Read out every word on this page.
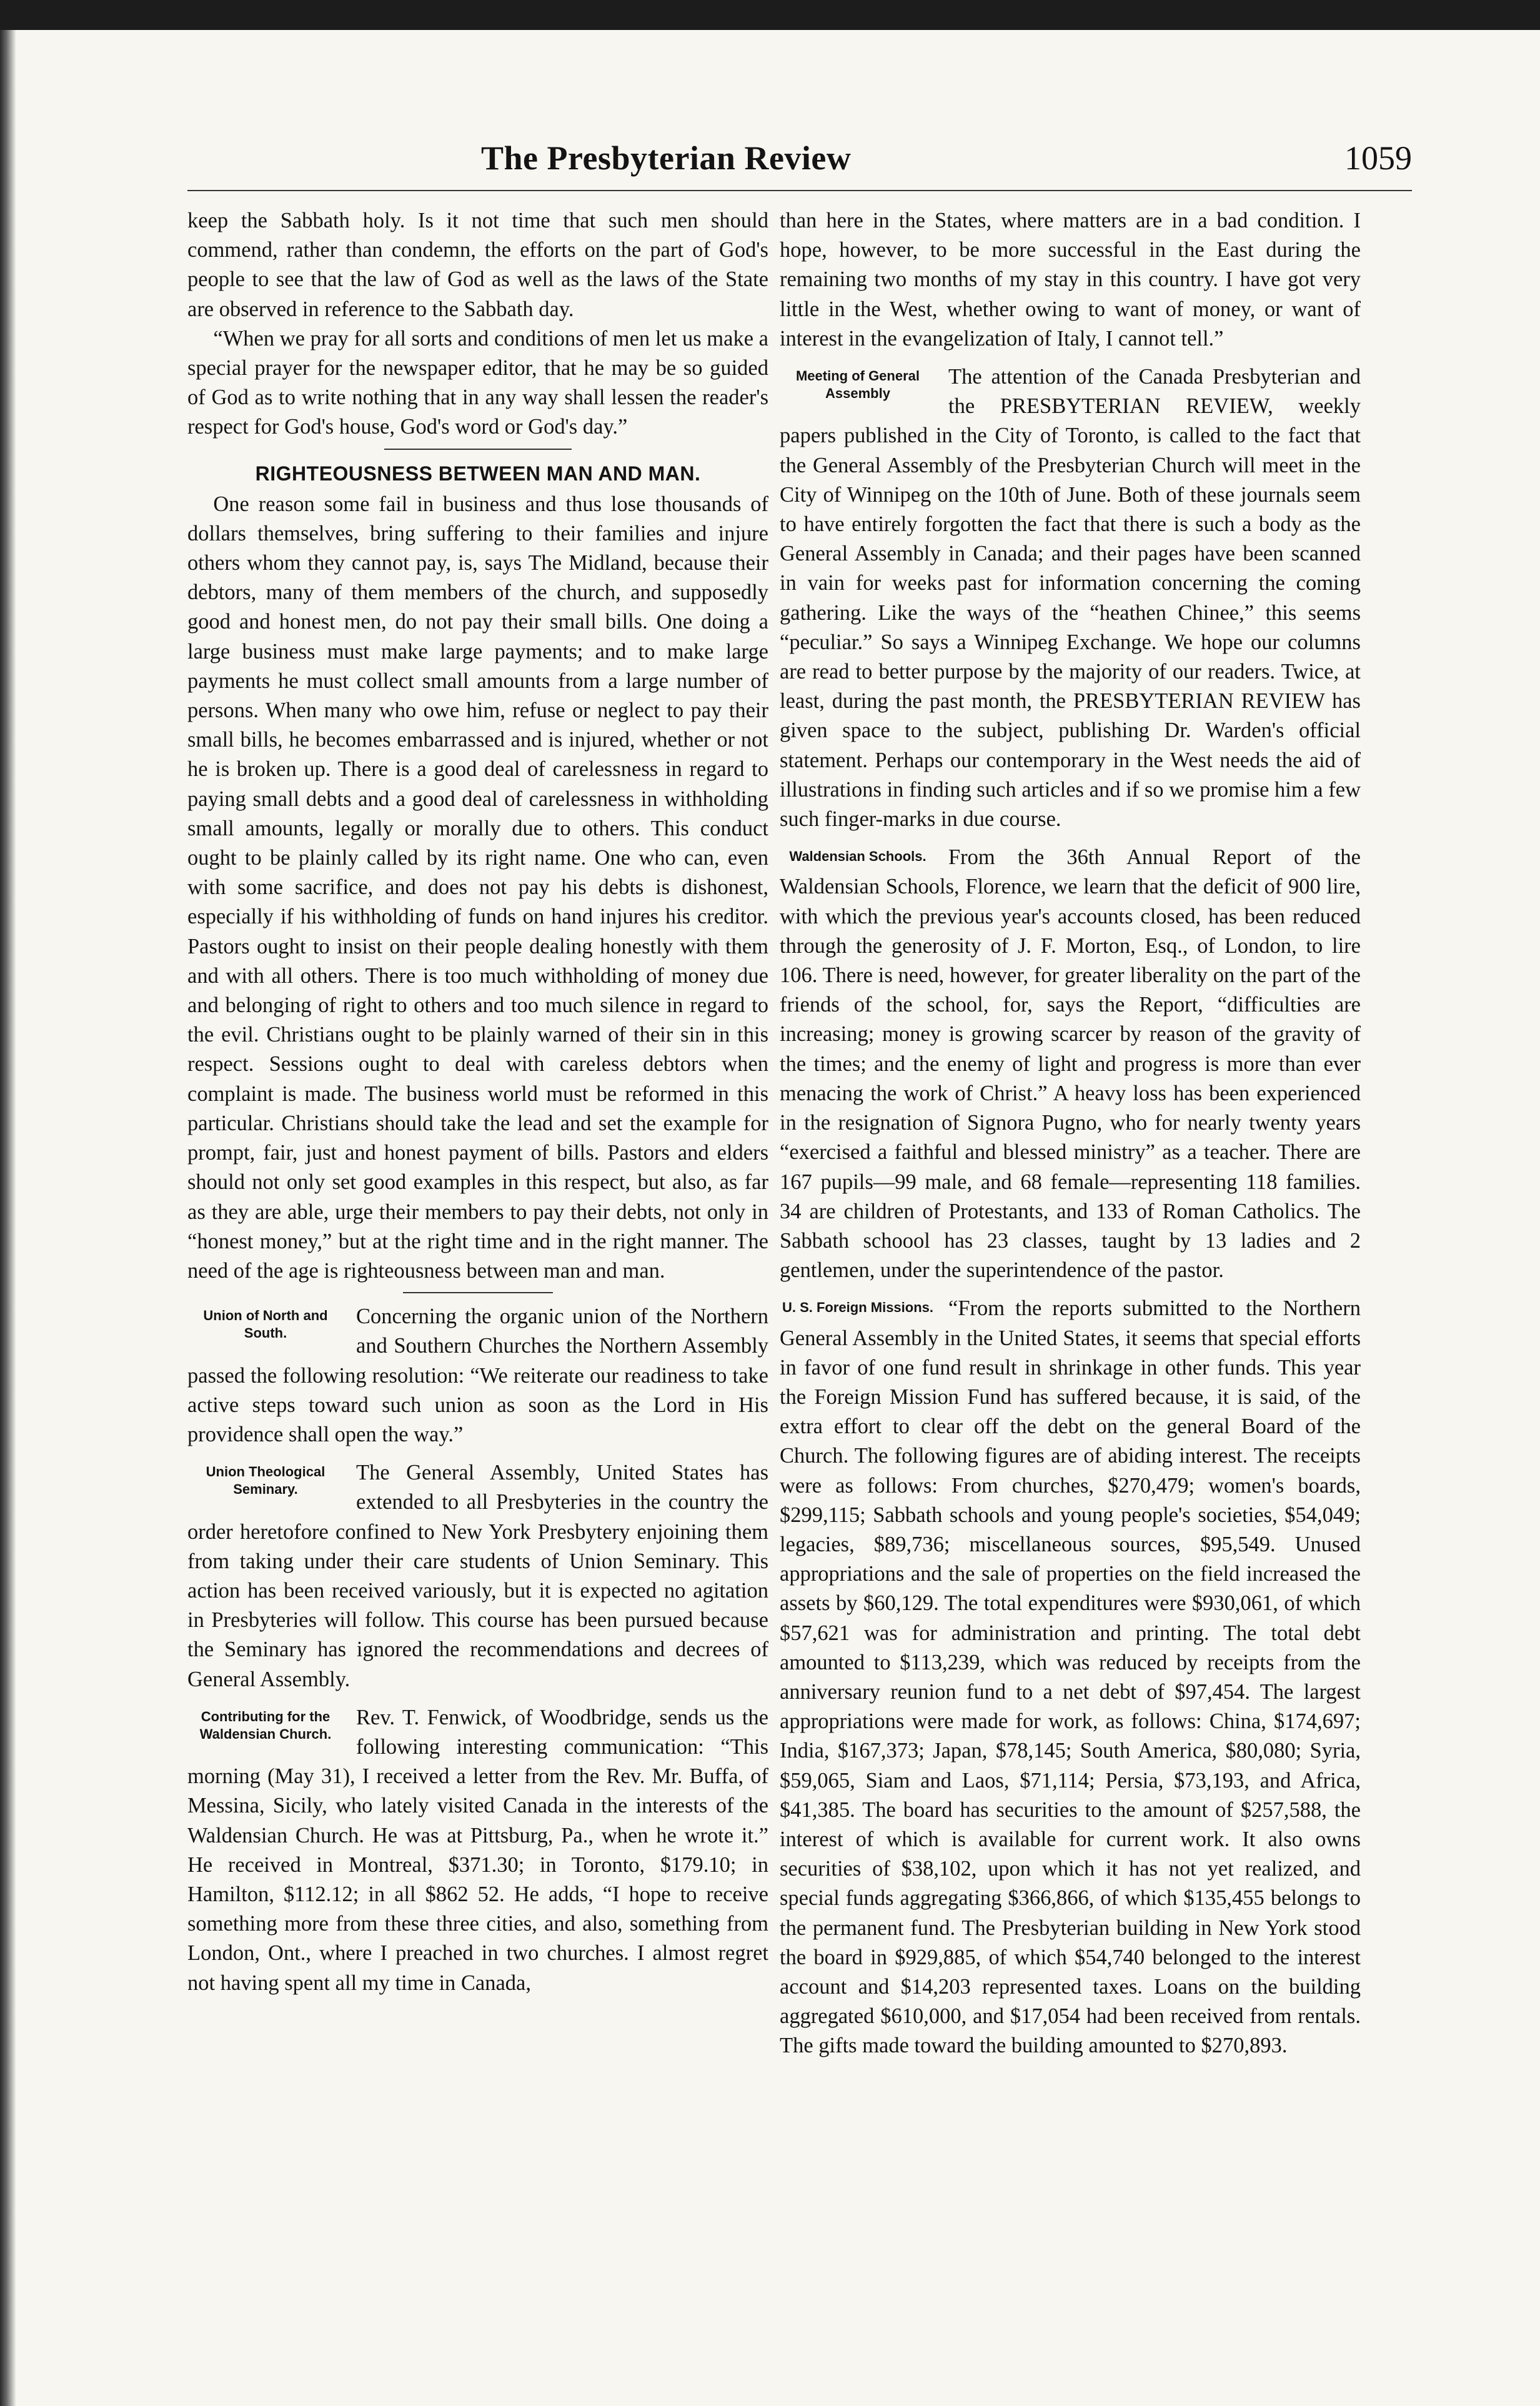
The Presbyterian Review	1059

keep the Sabbath holy. Is it not time that such men should commend, rather than condemn, the efforts on the part of God's people to see that the law of God as well as the laws of the State are observed in reference to the Sabbath day.

“When we pray for all sorts and conditions of men let us make a special prayer for the newspaper editor, that he may be so guided of God as to write nothing that in any way shall lessen the reader's respect for God's house, God's word or God's day.”

RIGHTEOUSNESS BETWEEN MAN AND MAN.

One reason some fail in business and thus lose thousands of dollars themselves, bring suffering to their families and injure others whom they cannot pay, is, says The Midland, because their debtors, many of them members of the church, and supposedly good and honest men, do not pay their small bills. One doing a large business must make large payments; and to make large payments he must collect small amounts from a large number of persons. When many who owe him, refuse or neglect to pay their small bills, he becomes embarrassed and is injured, whether or not he is broken up. There is a good deal of carelessness in regard to paying small debts and a good deal of carelessness in withholding small amounts, legally or morally due to others. This conduct ought to be plainly called by its right name. One who can, even with some sacrifice, and does not pay his debts is dishonest, especially if his withholding of funds on hand injures his creditor. Pastors ought to insist on their people dealing honestly with them and with all others. There is too much withholding of money due and belonging of right to others and too much silence in regard to the evil. Christians ought to be plainly warned of their sin in this respect. Sessions ought to deal with careless debtors when complaint is made. The business world must be reformed in this particular. Christians should take the lead and set the example for prompt, fair, just and honest payment of bills. Pastors and elders should not only set good examples in this respect, but also, as far as they are able, urge their members to pay their debts, not only in “honest money,” but at the right time and in the right manner. The need of the age is righteousness between man and man.

Union of North and South.

Concerning the organic union of the Northern and Southern Churches the Northern Assembly passed the following resolution: “We reiterate our readiness to take active steps toward such union as soon as the Lord in His providence shall open the way.”

Union Theological Seminary.

The General Assembly, United States has extended to all Presbyteries in the country the order heretofore confined to New York Presbytery enjoining them from taking under their care students of Union Seminary. This action has been received variously, but it is expected no agitation in Presbyteries will follow. This course has been pursued because the Seminary has ignored the recommendations and decrees of General Assembly.

Contributing for the Waldensian Church.

Rev. T. Fenwick, of Woodbridge, sends us the following interesting communication: “This morning (May 31), I received a letter from the Rev. Mr. Buffa, of Messina, Sicily, who lately visited Canada in the interests of the Waldensian Church. He was at Pittsburg, Pa., when he wrote it.” He received in Montreal, $371.30; in Toronto, $179.10; in Hamilton, $112.12; in all $862 52. He adds, “I hope to receive something more from these three cities, and also, something from London, Ont., where I preached in two churches. I almost regret not having spent all my time in Canada,

than here in the States, where matters are in a bad condition. I hope, however, to be more successful in the East during the remaining two months of my stay in this country. I have got very little in the West, whether owing to want of money, or want of interest in the evangelization of Italy, I cannot tell.”

Meeting of General Assembly

The attention of the Canada Presbyterian and the PRESBYTERIAN REVIEW, weekly papers published in the City of Toronto, is called to the fact that the General Assembly of the Presbyterian Church will meet in the City of Winnipeg on the 10th of June. Both of these journals seem to have entirely forgotten the fact that there is such a body as the General Assembly in Canada; and their pages have been scanned in vain for weeks past for information concerning the coming gathering. Like the ways of the “heathen Chinee,” this seems “peculiar.” So says a Winnipeg Exchange. We hope our columns are read to better purpose by the majority of our readers. Twice, at least, during the past month, the PRESBYTERIAN REVIEW has given space to the subject, publishing Dr. Warden's official statement. Perhaps our contemporary in the West needs the aid of illustrations in finding such articles and if so we promise him a few such finger-marks in due course.

Waldensian Schools.	From the 36th Annual Report of the Waldensian Schools, Florence, we learn that the deficit of 900 lire, with which the previous year's accounts closed, has been reduced through the generosity of J. F. Morton, Esq., of London, to lire 106. There is need, however, for greater liberality on the part of the friends of the school, for, says the Report, “difficulties are increasing; money is growing scarcer by reason of the gravity of the times; and the enemy of light and progress is more than ever menacing the work of Christ.” A heavy loss has been experienced in the resignation of Signora Pugno, who for nearly twenty years “exercised a faithful and blessed ministry” as a teacher. There are 167 pupils—99 male, and 68 female—representing 118 families. 34 are children of Protestants, and 133 of Roman Catholics. The Sabbath schoool has 23 classes, taught by 13 ladies and 2 gentlemen, under the superintendence of the pastor.

U. S. Foreign Missions. “From the reports submitted to the Northern General Assembly in the United States, it seems that special efforts in favor of one fund result in shrinkage in other funds. This year the Foreign Mission Fund has suffered because, it is said, of the extra effort to clear off the debt on the general Board of the Church. The following figures are of abiding interest. The receipts were as follows: From churches, $270,479; women's boards, $299,115; Sabbath schools and young people's societies, $54,049; legacies, $89,736; miscellaneous sources, $95,549. Unused appropriations and the sale of properties on the field increased the assets by $60,129. The total expenditures were $930,061, of which $57,621 was for administration and printing. The total debt amounted to $113,239, which was reduced by receipts from the anniversary reunion fund to a net debt of $97,454. The largest appropriations were made for work, as follows: China, $174,697; India, $167,373; Japan, $78,145; South America, $80,080; Syria, $59,065, Siam and Laos, $71,114; Persia, $73,193, and Africa, $41,385. The board has securities to the amount of $257,588, the interest of which is available for current work. It also owns securities of $38,102, upon which it has not yet realized, and special funds aggregating $366,866, of which $135,455 belongs to the permanent fund. The Presbyterian building in New York stood the board in $929,885, of which $54,740 belonged to the interest account and $14,203 represented taxes. Loans on the building aggregated $610,000, and $17,054 had been received from rentals. The gifts made toward the building amounted to $270,893.
